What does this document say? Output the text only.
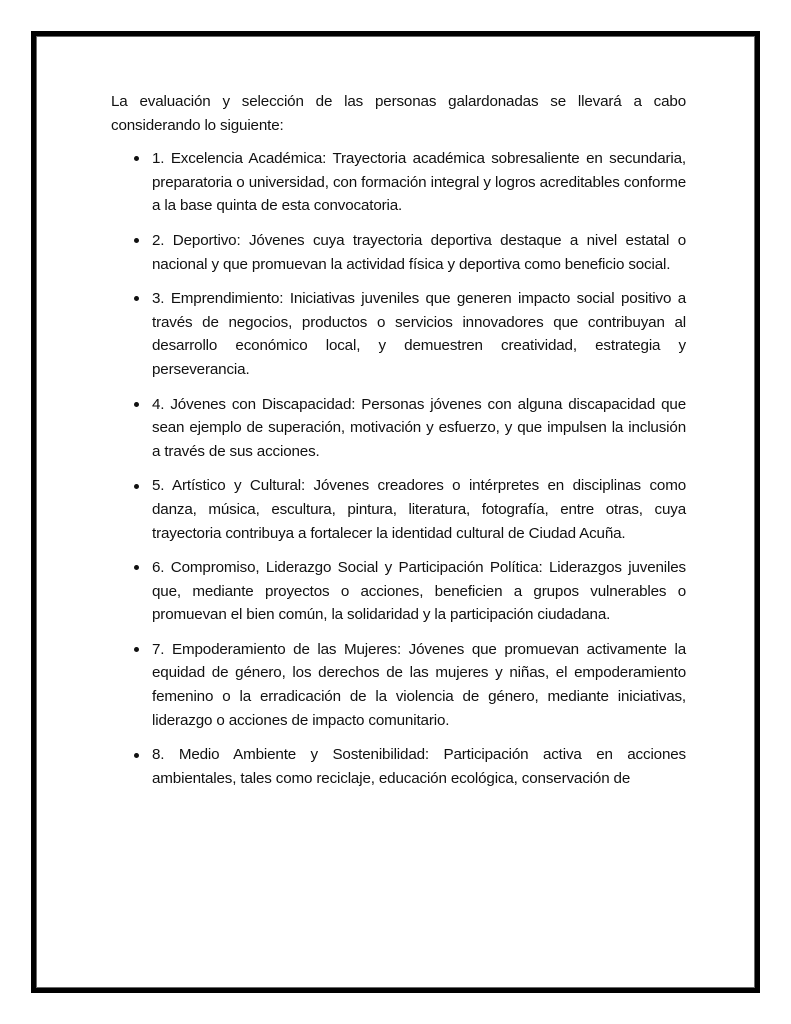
La evaluación y selección de las personas galardonadas se llevará a cabo considerando lo siguiente:

1. Excelencia Académica: Trayectoria académica sobresaliente en secundaria, preparatoria o universidad, con formación integral y logros acreditables conforme a la base quinta de esta convocatoria.
2. Deportivo: Jóvenes cuya trayectoria deportiva destaque a nivel estatal o nacional y que promuevan la actividad física y deportiva como beneficio social.
3. Emprendimiento: Iniciativas juveniles que generen impacto social positivo a través de negocios, productos o servicios innovadores que contribuyan al desarrollo económico local, y demuestren creatividad, estrategia y perseverancia.
4. Jóvenes con Discapacidad: Personas jóvenes con alguna discapacidad que sean ejemplo de superación, motivación y esfuerzo, y que impulsen la inclusión a través de sus acciones.
5. Artístico y Cultural: Jóvenes creadores o intérpretes en disciplinas como danza, música, escultura, pintura, literatura, fotografía, entre otras, cuya trayectoria contribuya a fortalecer la identidad cultural de Ciudad Acuña.
6. Compromiso, Liderazgo Social y Participación Política: Liderazgos juveniles que, mediante proyectos o acciones, beneficien a grupos vulnerables o promuevan el bien común, la solidaridad y la participación ciudadana.
7. Empoderamiento de las Mujeres: Jóvenes que promuevan activamente la equidad de género, los derechos de las mujeres y niñas, el empoderamiento femenino o la erradicación de la violencia de género, mediante iniciativas, liderazgo o acciones de impacto comunitario.
8. Medio Ambiente y Sostenibilidad: Participación activa en acciones ambientales, tales como reciclaje, educación ecológica, conservación de
